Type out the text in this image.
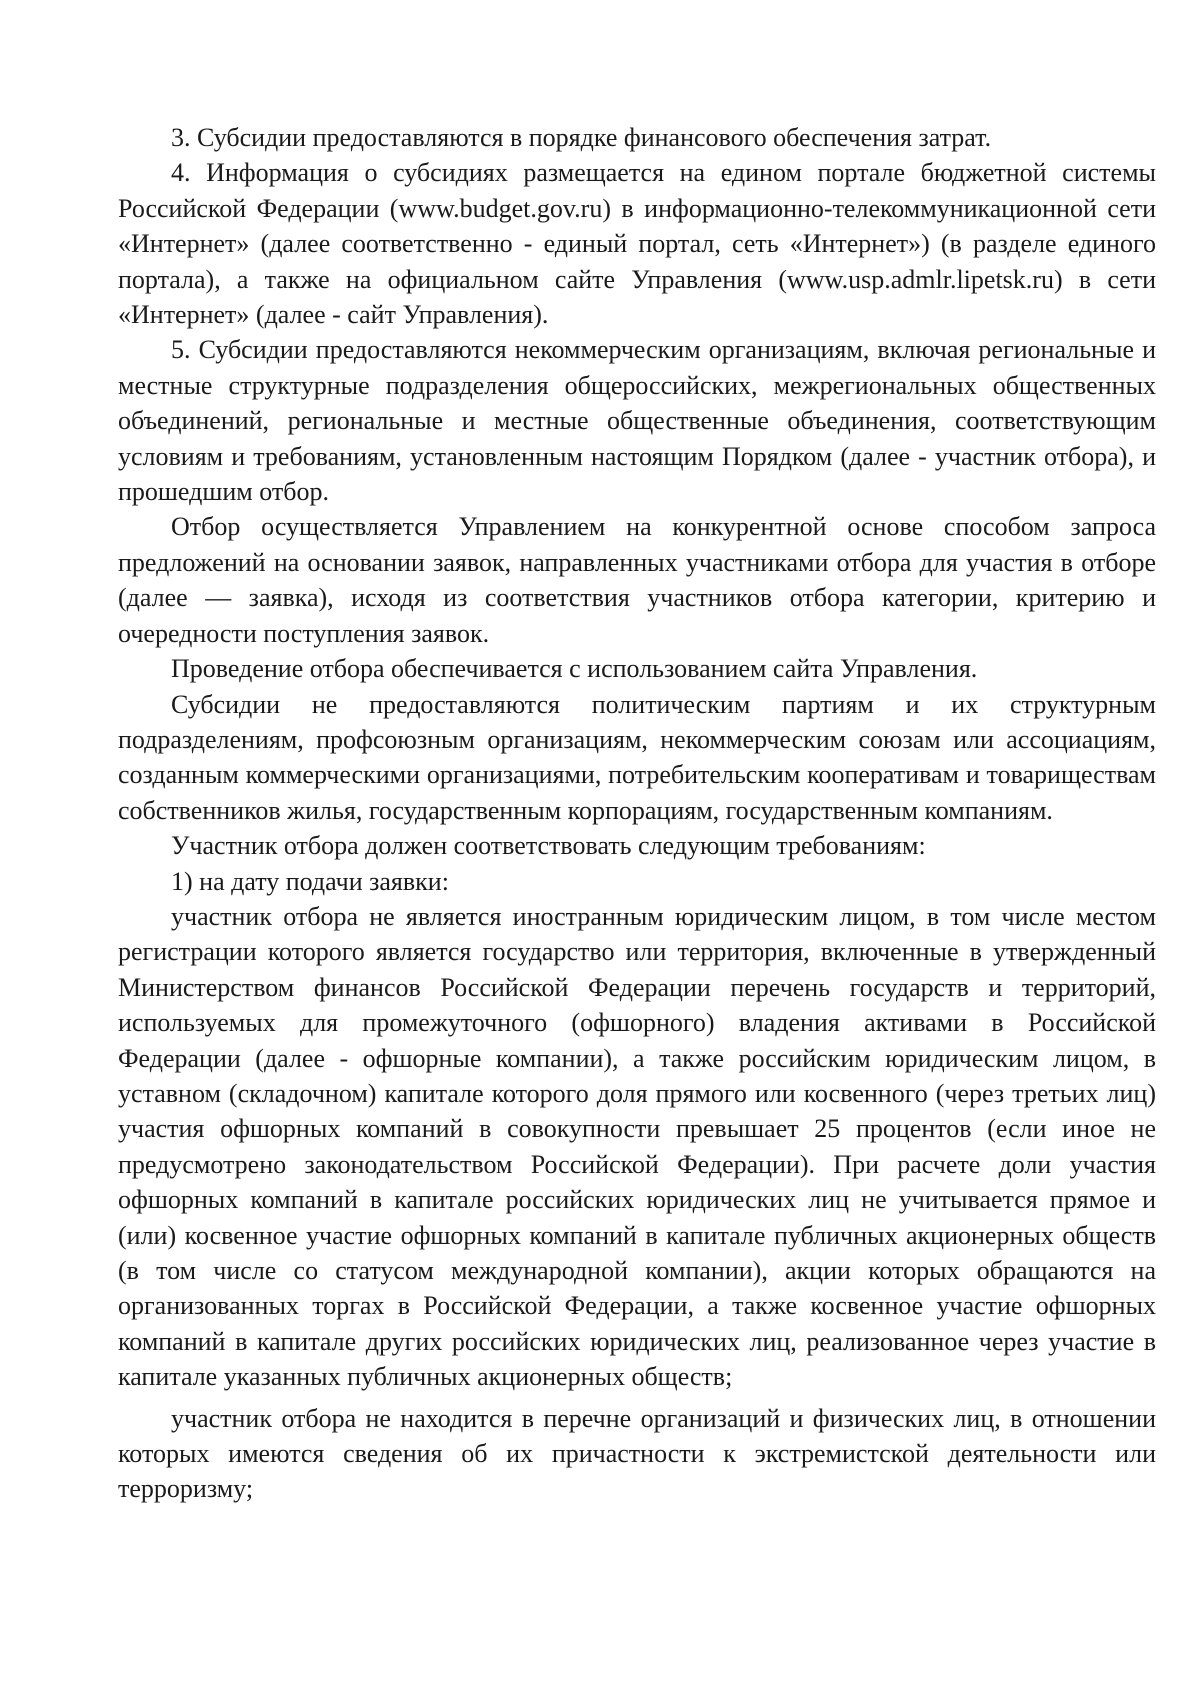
3. Субсидии предоставляются в порядке финансового обеспечения затрат.

4. Информация о субсидиях размещается на едином портале бюджетной системы Российской Федерации (www.budget.gov.ru) в информационно-телекоммуникационной сети «Интернет» (далее соответственно - единый портал, сеть «Интернет») (в разделе единого портала), а также на официальном сайте Управления (www.usp.admlr.lipetsk.ru) в сети «Интернет» (далее - сайт Управления).

5. Субсидии предоставляются некоммерческим организациям, включая региональные и местные структурные подразделения общероссийских, межрегиональных общественных объединений, региональные и местные общественные объединения, соответствующим условиям и требованиям, установленным настоящим Порядком (далее - участник отбора), и прошедшим отбор.

Отбор осуществляется Управлением на конкурентной основе способом запроса предложений на основании заявок, направленных участниками отбора для участия в отборе (далее — заявка), исходя из соответствия участников отбора категории, критерию и очередности поступления заявок.

Проведение отбора обеспечивается с использованием сайта Управления.

Субсидии не предоставляются политическим партиям и их структурным подразделениям, профсоюзным организациям, некоммерческим союзам или ассоциациям, созданным коммерческими организациями, потребительским кооперативам и товариществам собственников жилья, государственным корпорациям, государственным компаниям.

Участник отбора должен соответствовать следующим требованиям:

1) на дату подачи заявки:

участник отбора не является иностранным юридическим лицом, в том числе местом регистрации которого является государство или территория, включенные в утвержденный Министерством финансов Российской Федерации перечень государств и территорий, используемых для промежуточного (офшорного) владения активами в Российской Федерации (далее - офшорные компании), а также российским юридическим лицом, в уставном (складочном) капитале которого доля прямого или косвенного (через третьих лиц) участия офшорных компаний в совокупности превышает 25 процентов (если иное не предусмотрено законодательством Российской Федерации). При расчете доли участия офшорных компаний в капитале российских юридических лиц не учитывается прямое и (или) косвенное участие офшорных компаний в капитале публичных акционерных обществ (в том числе со статусом международной компании), акции которых обращаются на организованных торгах в Российской Федерации, а также косвенное участие офшорных компаний в капитале других российских юридических лиц, реализованное через участие в капитале указанных публичных акционерных обществ;

участник отбора не находится в перечне организаций и физических лиц, в отношении которых имеются сведения об их причастности к экстремистской деятельности или терроризму;
